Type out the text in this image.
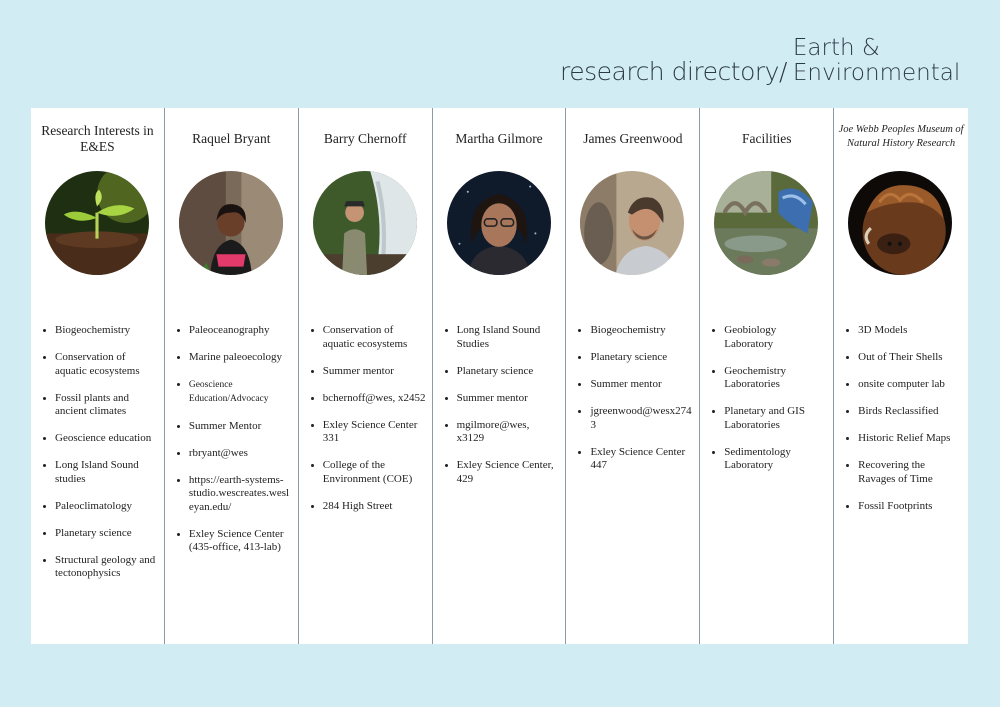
research directory/
Earth &
Environmental
Research Interests in E&ES
• Biogeochemistry
• Conservation of aquatic ecosystems
• Fossil plants and ancient climates
• Geoscience education
• Long Island Sound studies
• Paleoclimatology
• Planetary science
• Structural geology and tectonophysics
Raquel Bryant
• Paleoceanography
• Marine paleoecology
• Geoscience Education/Advocacy
• Summer Mentor
• rbryant@wes
• https://earth-systems-studio.wescreates.wesleyan.edu/
• Exley Science Center (435-office, 413-lab)
Barry Chernoff
• Conservation of aquatic ecosystems
• Summer mentor
• bchernoff@wes, x2452
• Exley Science Center 331
• College of the Environment (COE)
• 284 High Street
Martha Gilmore
• Long Island Sound Studies
• Planetary science
• Summer mentor
• mgilmore@wes, x3129
• Exley Science Center, 429
James Greenwood
• Biogeochemistry
• Planetary science
• Summer mentor
• jgreenwood@wesx2743
• Exley Science Center 447
Facilities
• Geobiology Laboratory
• Geochemistry Laboratories
• Planetary and GIS Laboratories
• Sedimentology Laboratory
Joe Webb Peoples Museum of Natural History Research
• 3D Models
• Out of Their Shells
• onsite computer lab
• Birds Reclassified
• Historic Relief Maps
• Recovering the Ravages of Time
• Fossil Footprints
